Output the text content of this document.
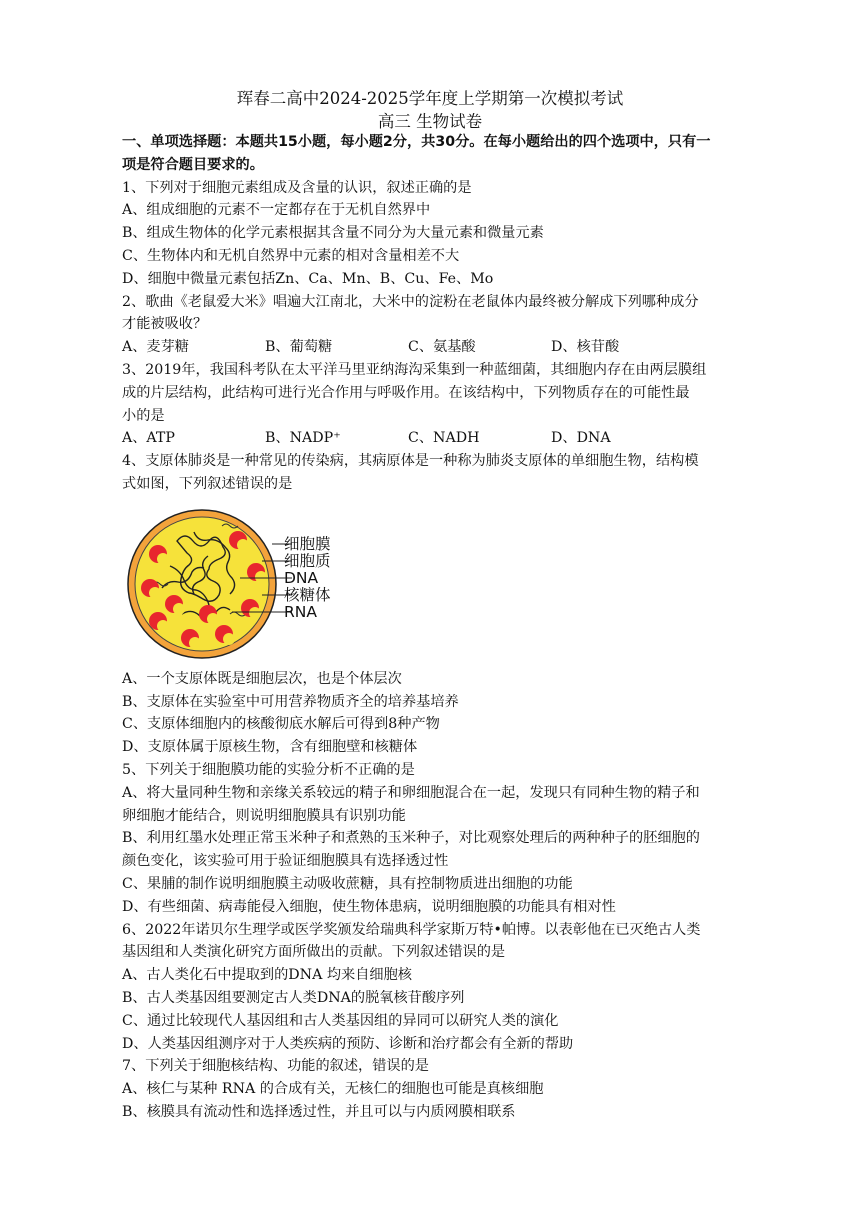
珲春二高中2024-2025学年度上学期第一次模拟考试
高三 生物试卷
一、单项选择题：本题共15小题，每小题2分，共30分。在每小题给出的四个选项中，只有一
项是符合题目要求的。
1、下列对于细胞元素组成及含量的认识，叙述正确的是
A、组成细胞的元素不一定都存在于无机自然界中
B、组成生物体的化学元素根据其含量不同分为大量元素和微量元素
C、生物体内和无机自然界中元素的相对含量相差不大
D、细胞中微量元素包括Zn、Ca、Mn、B、Cu、Fe、Mo
2、歌曲《老鼠爱大米》唱遍大江南北，大米中的淀粉在老鼠体内最终被分解成下列哪种成分
才能被吸收？
A、麦芽糖	B、葡萄糖	C、氨基酸	D、核苷酸
3、2019年，我国科考队在太平洋马里亚纳海沟采集到一种蓝细菌，其细胞内存在由两层膜组
成的片层结构，此结构可进行光合作用与呼吸作用。在该结构中，下列物质存在的可能性最
小的是
A、ATP	B、NADP⁺	C、NADH	D、DNA
4、支原体肺炎是一种常见的传染病，其病原体是一种称为肺炎支原体的单细胞生物，结构模
式如图，下列叙述错误的是
细胞膜
细胞质
DNA
核糖体
RNA
A、一个支原体既是细胞层次，也是个体层次
B、支原体在实验室中可用营养物质齐全的培养基培养
C、支原体细胞内的核酸彻底水解后可得到8种产物
D、支原体属于原核生物，含有细胞壁和核糖体
5、下列关于细胞膜功能的实验分析不正确的是
A、将大量同种生物和亲缘关系较远的精子和卵细胞混合在一起，发现只有同种生物的精子和
卵细胞才能结合，则说明细胞膜具有识别功能
B、利用红墨水处理正常玉米种子和煮熟的玉米种子，对比观察处理后的两种种子的胚细胞的
颜色变化，该实验可用于验证细胞膜具有选择透过性
C、果脯的制作说明细胞膜主动吸收蔗糖，具有控制物质进出细胞的功能
D、有些细菌、病毒能侵入细胞，使生物体患病，说明细胞膜的功能具有相对性
6、2022年诺贝尔生理学或医学奖颁发给瑞典科学家斯万特•帕博。以表彰他在已灭绝古人类
基因组和人类演化研究方面所做出的贡献。下列叙述错误的是
A、古人类化石中提取到的DNA 均来自细胞核
B、古人类基因组要测定古人类DNA的脱氧核苷酸序列
C、通过比较现代人基因组和古人类基因组的异同可以研究人类的演化
D、人类基因组测序对于人类疾病的预防、诊断和治疗都会有全新的帮助
7、下列关于细胞核结构、功能的叙述，错误的是
A、核仁与某种 RNA 的合成有关，无核仁的细胞也可能是真核细胞
B、核膜具有流动性和选择透过性，并且可以与内质网膜相联系
